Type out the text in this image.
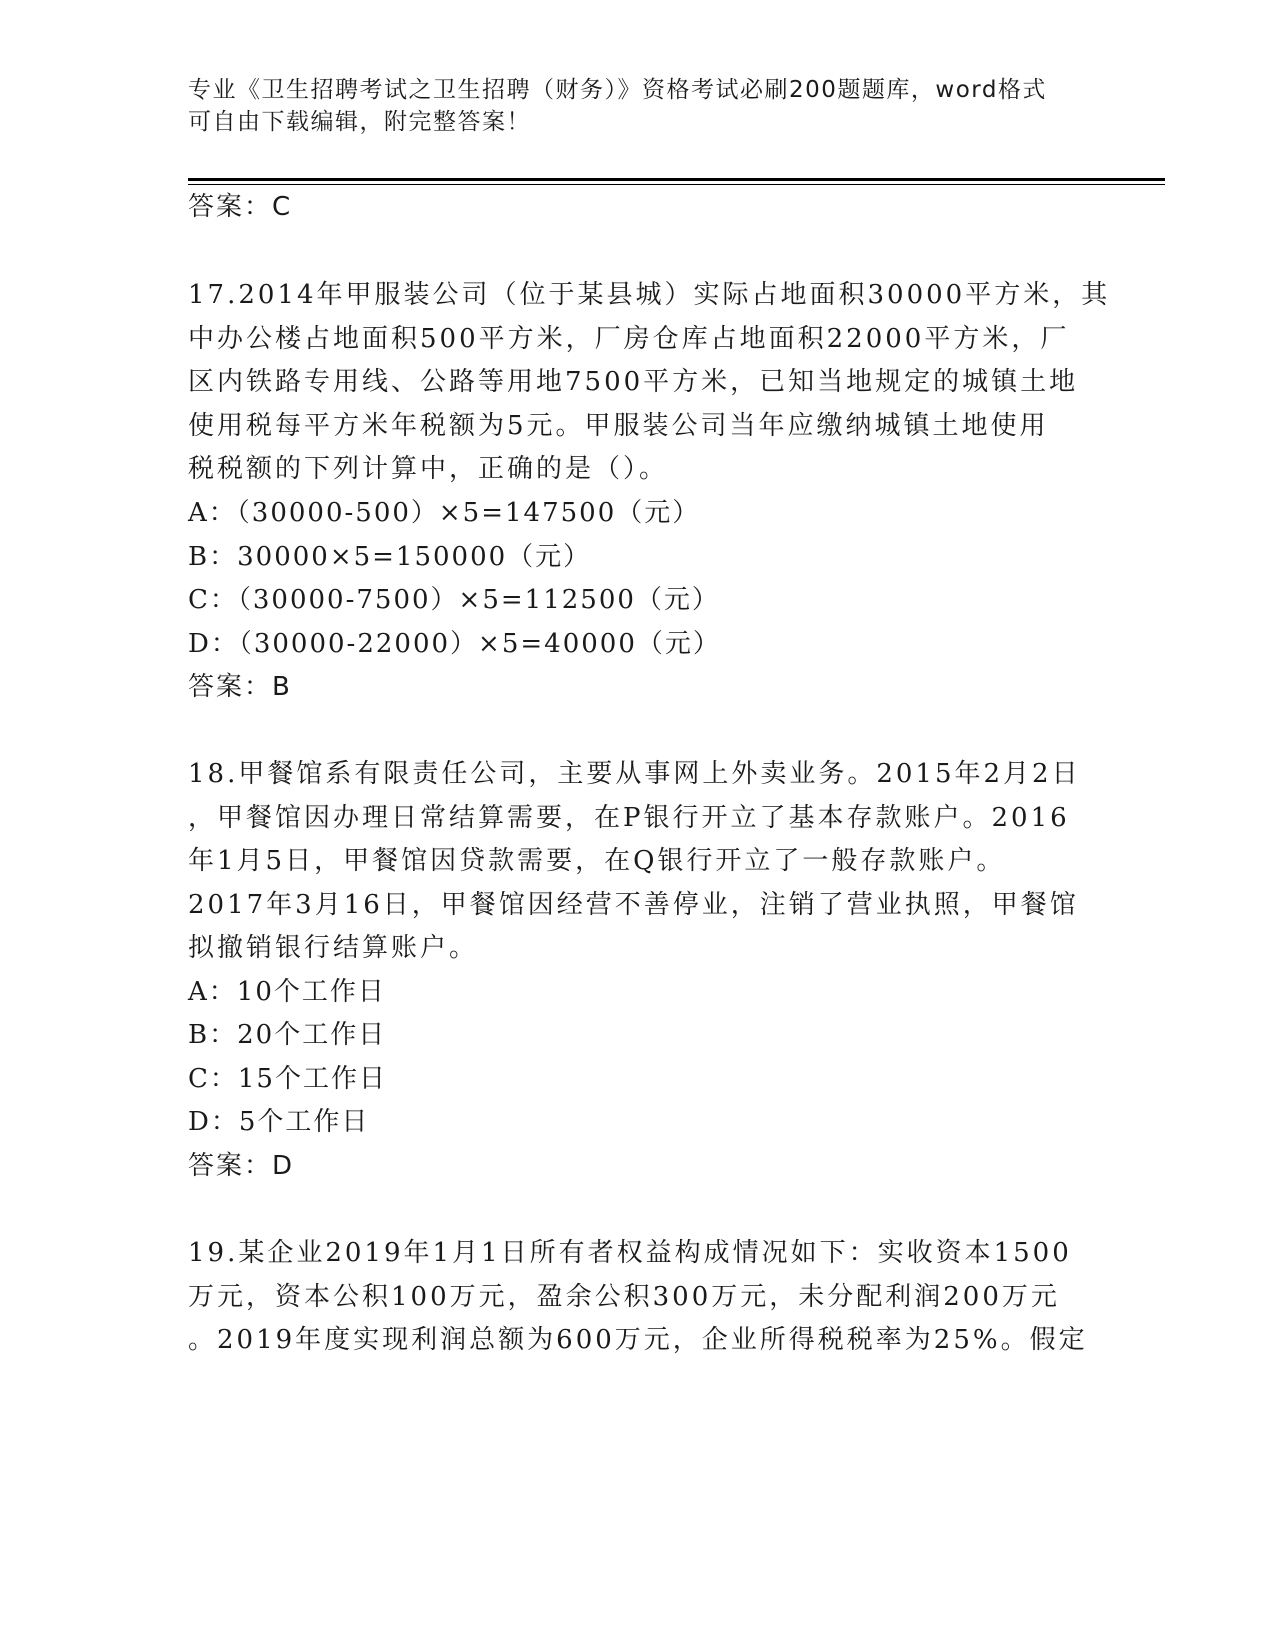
专业《卫生招聘考试之卫生招聘（财务）》资格考试必刷200题题库，word格式
可自由下载编辑，附完整答案！
答案：C
17.2014年甲服装公司（位于某县城）实际占地面积30000平方米，其
中办公楼占地面积500平方米，厂房仓库占地面积22000平方米，厂
区内铁路专用线、公路等用地7500平方米，已知当地规定的城镇土地
使用税每平方米年税额为5元。甲服装公司当年应缴纳城镇土地使用
税税额的下列计算中，正确的是（）。
A：（30000-500）×5=147500（元）
B：30000×5=150000（元）
C：（30000-7500）×5=112500（元）
D：（30000-22000）×5=40000（元）
答案：B
18.甲餐馆系有限责任公司，主要从事网上外卖业务。2015年2月2日
，甲餐馆因办理日常结算需要，在P银行开立了基本存款账户。2016
年1月5日，甲餐馆因贷款需要，在Q银行开立了一般存款账户。
2017年3月16日，甲餐馆因经营不善停业，注销了营业执照，甲餐馆
拟撤销银行结算账户。
A：10个工作日
B：20个工作日
C：15个工作日
D：5个工作日
答案：D
19.某企业2019年1月1日所有者权益构成情况如下：实收资本1500
万元，资本公积100万元，盈余公积300万元，未分配利润200万元
。2019年度实现利润总额为600万元，企业所得税税率为25%。假定
